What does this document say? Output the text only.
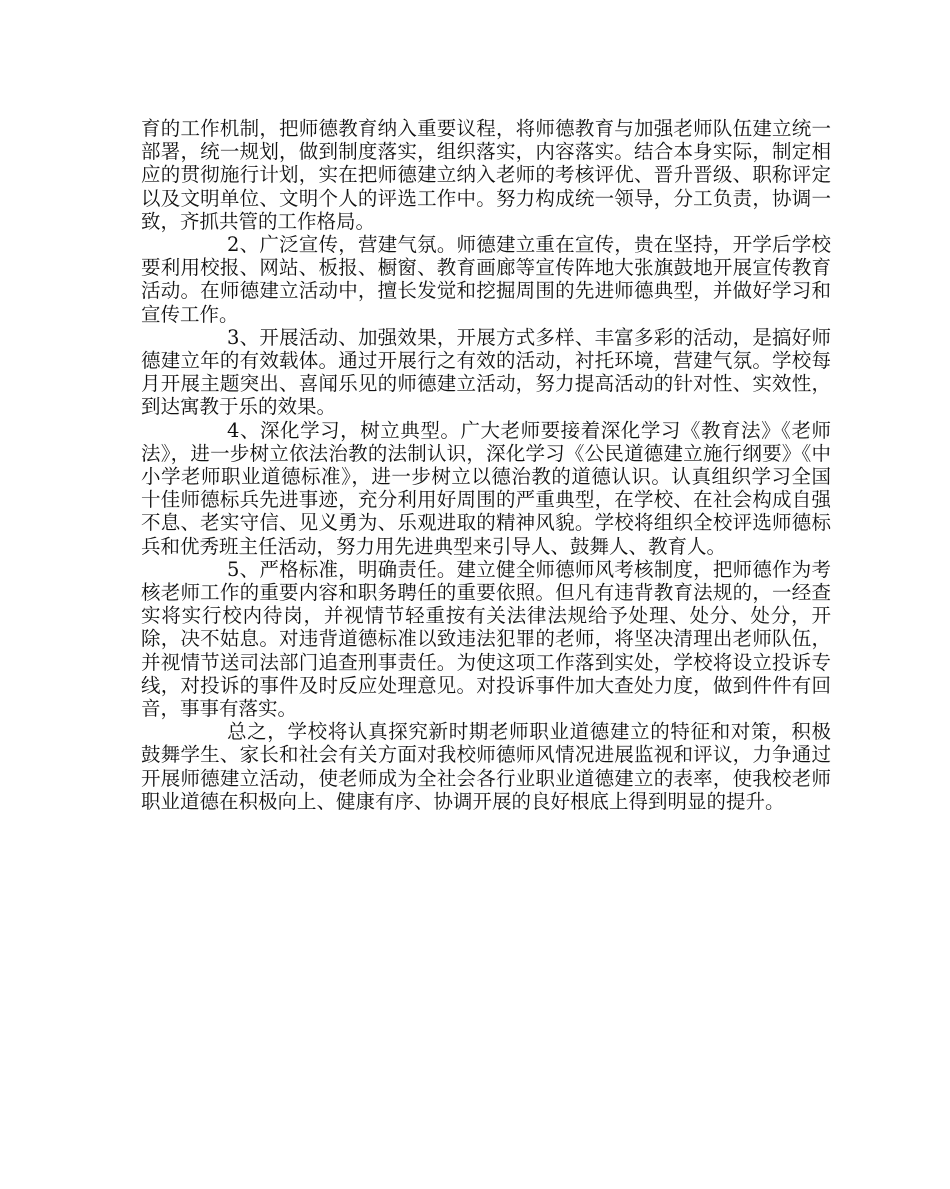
育的工作机制，把师德教育纳入重要议程，将师德教育与加强老师队伍建立统一部署，统一规划，做到制度落实，组织落实，内容落实。结合本身实际，制定相应的贯彻施行计划，实在把师德建立纳入老师的考核评优、晋升晋级、职称评定以及文明单位、文明个人的评选工作中。努力构成统一领导，分工负责，协调一致，齐抓共管的工作格局。

2、广泛宣传，营建气氛。师德建立重在宣传，贵在坚持，开学后学校要利用校报、网站、板报、橱窗、教育画廊等宣传阵地大张旗鼓地开展宣传教育活动。在师德建立活动中，擅长发觉和挖掘周围的先进师德典型，并做好学习和宣传工作。

3、开展活动、加强效果，开展方式多样、丰富多彩的活动，是搞好师德建立年的有效载体。通过开展行之有效的活动，衬托环境，营建气氛。学校每月开展主题突出、喜闻乐见的师德建立活动，努力提高活动的针对性、实效性，到达寓教于乐的效果。

4、深化学习，树立典型。广大老师要接着深化学习《教育法》《老师法》，进一步树立依法治教的法制认识，深化学习《公民道德建立施行纲要》《中小学老师职业道德标准》，进一步树立以德治教的道德认识。认真组织学习全国十佳师德标兵先进事迹，充分利用好周围的严重典型，在学校、在社会构成自强不息、老实守信、见义勇为、乐观进取的精神风貌。学校将组织全校评选师德标兵和优秀班主任活动，努力用先进典型来引导人、鼓舞人、教育人。

5、严格标准，明确责任。建立健全师德师风考核制度，把师德作为考核老师工作的重要内容和职务聘任的重要依照。但凡有违背教育法规的，一经查实将实行校内待岗，并视情节轻重按有关法律法规给予处理、处分、处分，开除，决不姑息。对违背道德标准以致违法犯罪的老师，将坚决清理出老师队伍，并视情节送司法部门追查刑事责任。为使这项工作落到实处，学校将设立投诉专线，对投诉的事件及时反应处理意见。对投诉事件加大查处力度，做到件件有回音，事事有落实。

总之，学校将认真探究新时期老师职业道德建立的特征和对策，积极鼓舞学生、家长和社会有关方面对我校师德师风情况进展监视和评议，力争通过开展师德建立活动，使老师成为全社会各行业职业道德建立的表率，使我校老师职业道德在积极向上、健康有序、协调开展的良好根底上得到明显的提升。
